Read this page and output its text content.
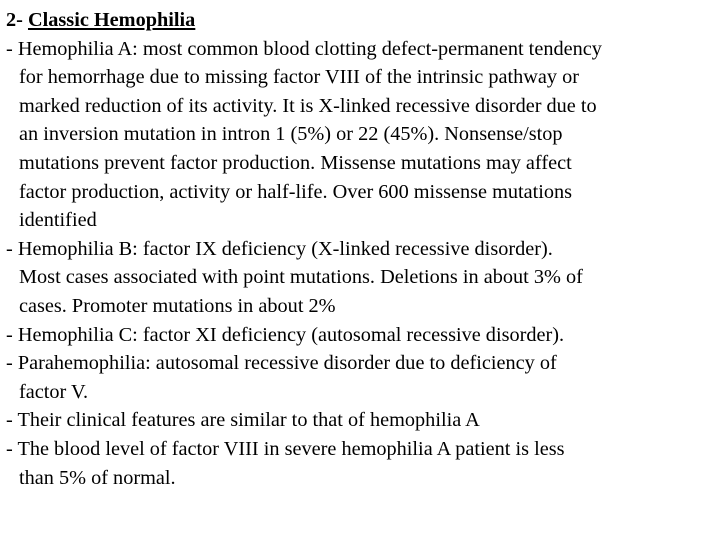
2- Classic Hemophilia
- Hemophilia A: most common blood clotting defect-permanent tendency
for hemorrhage due to missing factor VIII of the intrinsic pathway or
marked reduction of its activity. It is X-linked recessive disorder due to
an inversion mutation in intron 1 (5%) or 22 (45%). Nonsense/stop
mutations prevent factor production. Missense mutations may affect
factor production, activity or half-life. Over 600 missense mutations
identified
- Hemophilia B: factor IX deficiency (X-linked recessive disorder).
Most cases associated with point mutations. Deletions in about 3% of
cases. Promoter mutations in about 2%
- Hemophilia C: factor XI deficiency (autosomal recessive disorder).
- Parahemophilia: autosomal recessive disorder due to deficiency of
factor V.
- Their clinical features are similar to that of hemophilia A
- The blood level of factor VIII in severe hemophilia A patient is less
than 5% of normal.
